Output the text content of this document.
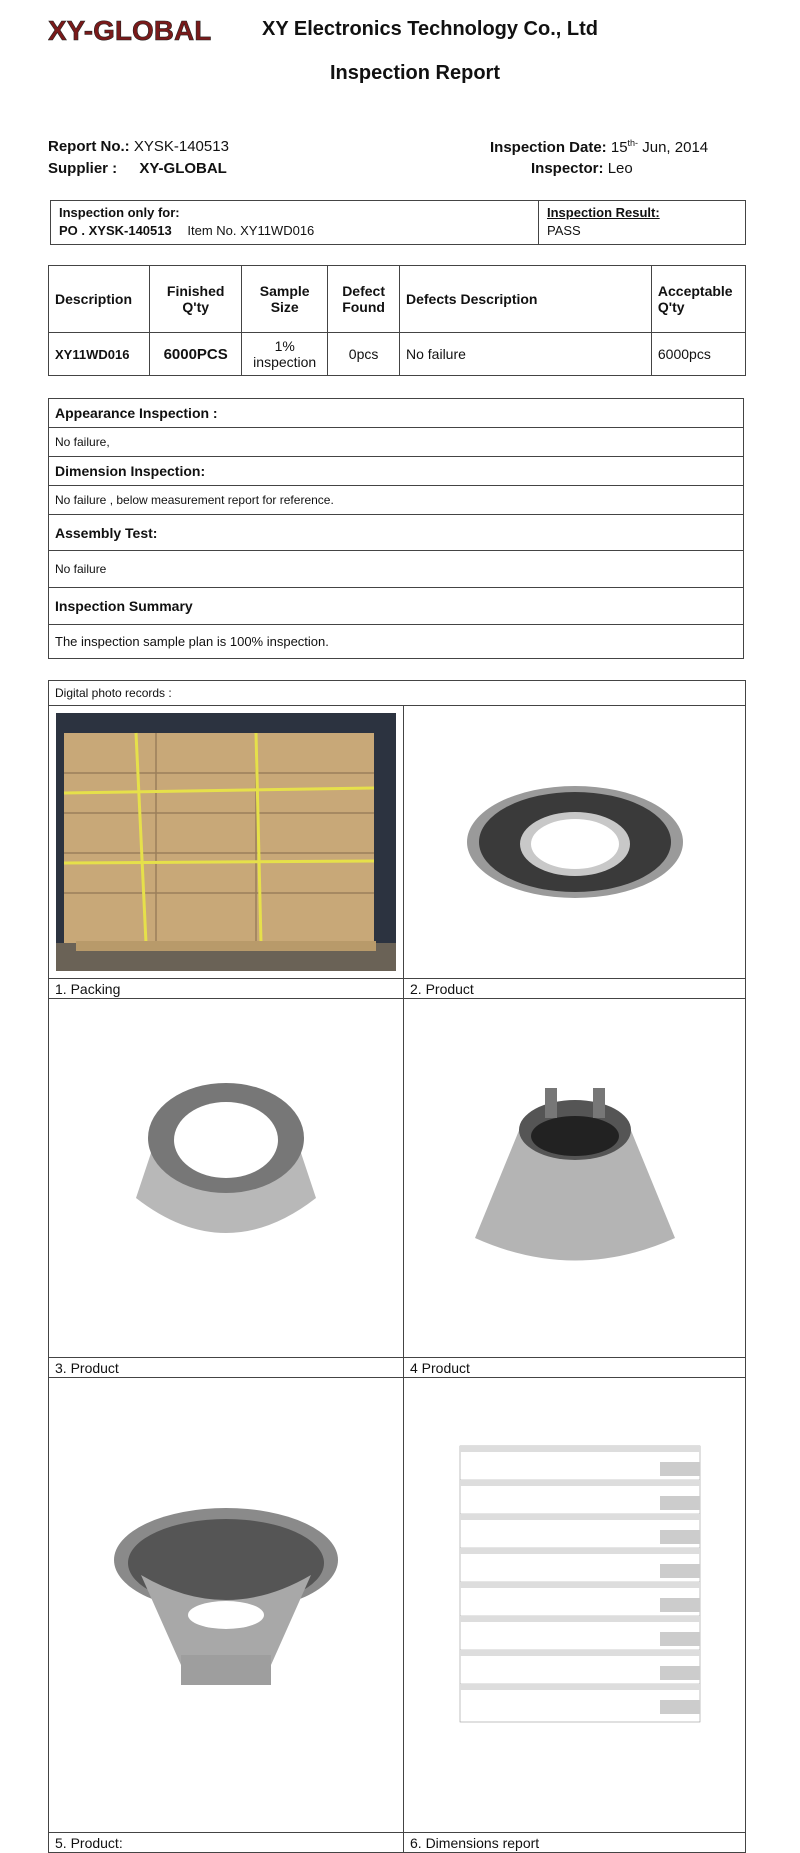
XY-GLOBAL	XY Electronics Technology Co., Ltd
Inspection Report
Report No.: XYSK-140513
Supplier : XY-GLOBAL
Inspection Date: $15^{th-}$ Jun, 2014
Inspector: Leo
Inspection only for:
PO . XYSK-140513 Item No. XY11WD016
Inspection Result:
PASS
Description	Finished Q'ty	Sample Size	Defect Found	Defects Description	Acceptable Q'ty
XY11WD016	6000PCS	1% inspection	0pcs	No failure	6000pcs
Appearance Inspection :
No failure,
Dimension Inspection:
No failure , below measurement report for reference.
Assembly Test:
No failure
Inspection Summary
The inspection sample plan is 100% inspection.
Digital photo records :	

1. Packing	2. Product

3. Product	4 Product

5. Product:	6. Dimensions report
